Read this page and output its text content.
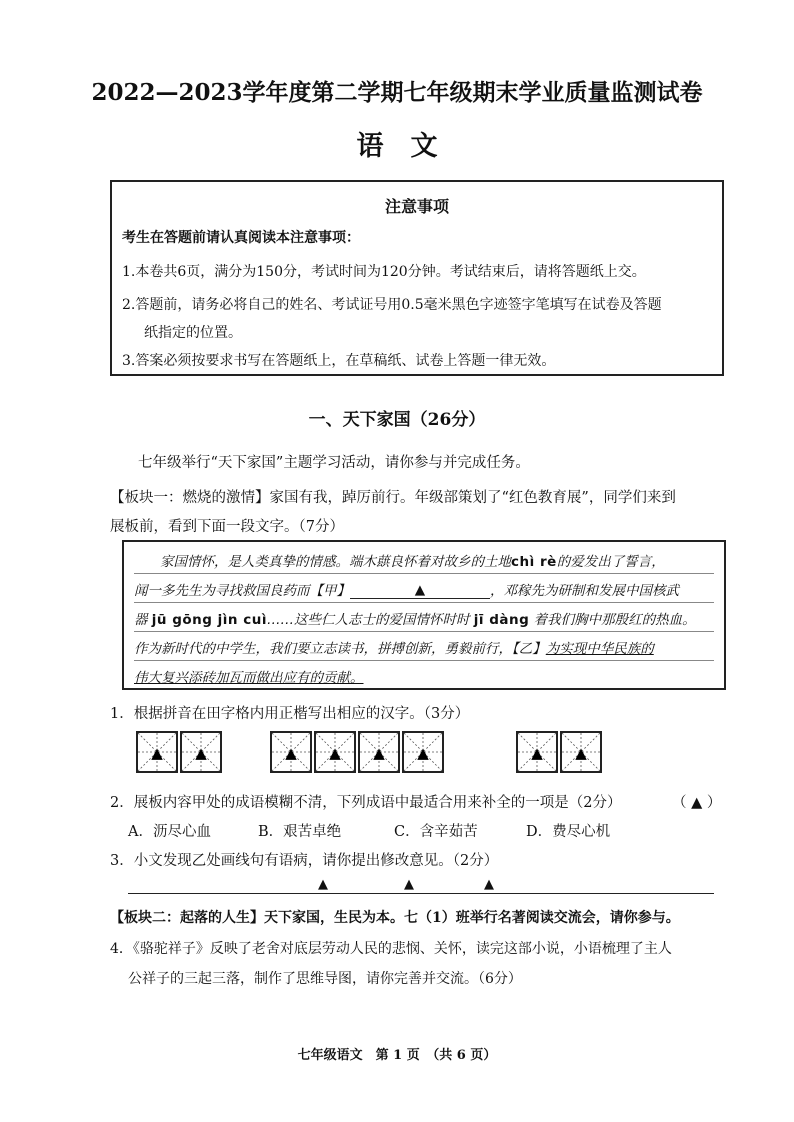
2022—2023学年度第二学期七年级期末学业质量监测试卷
语　文
注意事项
考生在答题前请认真阅读本注意事项：
1.本卷共6页，满分为150分，考试时间为120分钟。考试结束后，请将答题纸上交。
2.答题前，请务必将自己的姓名、考试证号用0.5毫米黑色字迹签字笔填写在试卷及答题
纸指定的位置。
3.答案必须按要求书写在答题纸上，在草稿纸、试卷上答题一律无效。
一、天下家国（26分）
七年级举行“天下家国”主题学习活动，请你参与并完成任务。
【板块一：燃烧的激情】家国有我，踔厉前行。年级部策划了“红色教育展”，同学们来到
展板前，看到下面一段文字。（7分）
家国情怀，是人类真挚的情感。端木蕻良怀着对故乡的土地chì rè的爱发出了誓言，
闻一多先生为寻找救国良药而【甲】	▲	，邓稼先为研制和发展中国核武
器 jū gōng jìn cuì……这些仁人志士的爱国情怀时时 jī dàng 着我们胸中那殷红的热血。
作为新时代的中学生，我们要立志读书，拼搏创新，勇毅前行，【乙】为实现中华民族的
伟大复兴添砖加瓦而做出应有的贡献。
1．根据拼音在田字格内用正楷写出相应的汉字。（3分）
▲ ▲	▲ ▲ ▲ ▲	▲ ▲
2．展板内容甲处的成语模糊不清，下列成语中最适合用来补全的一项是（2分）	（ ▲ ）
A．沥尽心血	B．艰苦卓绝	C．含辛茹苦	D．费尽心机
3．小文发现乙处画线句有语病，请你提出修改意见。（2分）
▲	▲	▲
【板块二：起落的人生】天下家国，生民为本。七（1）班举行名著阅读交流会，请你参与。
4．《骆驼祥子》反映了老舍对底层劳动人民的悲悯、关怀，读完这部小说，小语梳理了主人
公祥子的三起三落，制作了思维导图，请你完善并交流。（6分）
七年级语文　第 1 页　（共 6 页）
